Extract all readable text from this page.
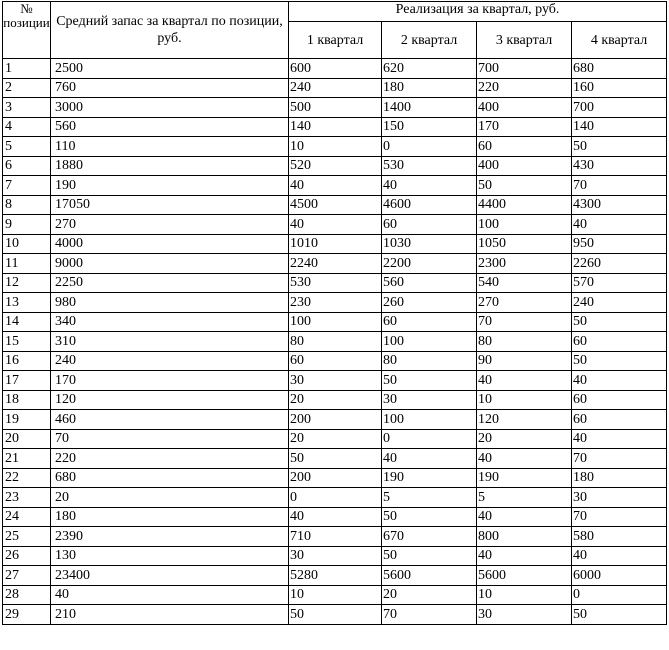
№ позиции	Средний запас за квартал по позиции, руб.	Реализация за квартал, руб.			
		1 квартал	2 квартал	3 квартал	4 квартал
1	2500	600	620	700	680
2	760	240	180	220	160
3	3000	500	1400	400	700
4	560	140	150	170	140
5	110	10	0	60	50
6	1880	520	530	400	430
7	190	40	40	50	70
8	17050	4500	4600	4400	4300
9	270	40	60	100	40
10	4000	1010	1030	1050	950
11	9000	2240	2200	2300	2260
12	2250	530	560	540	570
13	980	230	260	270	240
14	340	100	60	70	50
15	310	80	100	80	60
16	240	60	80	90	50
17	170	30	50	40	40
18	120	20	30	10	60
19	460	200	100	120	60
20	70	20	0	20	40
21	220	50	40	40	70
22	680	200	190	190	180
23	20	0	5	5	30
24	180	40	50	40	70
25	2390	710	670	800	580
26	130	30	50	40	40
27	23400	5280	5600	5600	6000
28	40	10	20	10	0
29	210	50	70	30	50
